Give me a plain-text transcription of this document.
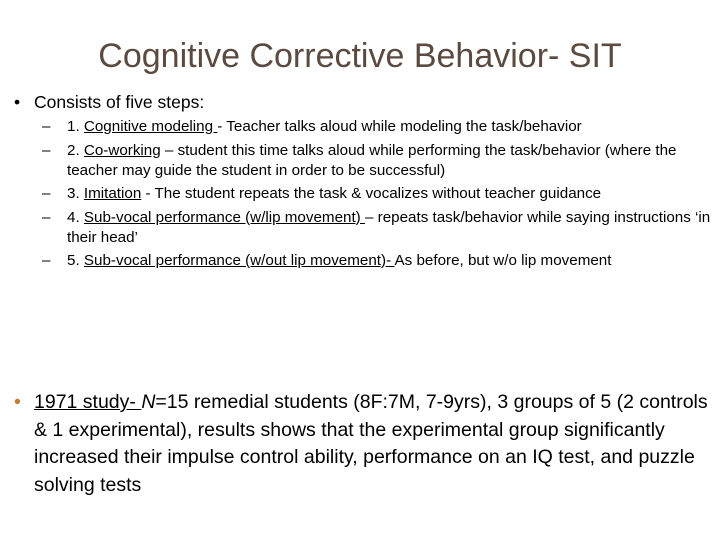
Cognitive Corrective Behavior- SIT
• Consists of five steps:
– 1. Cognitive modeling - Teacher talks aloud while modeling the task/behavior
– 2. Co-working – student this time talks aloud while performing the task/behavior (where the teacher may guide the student in order to be successful)
– 3. Imitation - The student repeats the task & vocalizes without teacher guidance
– 4. Sub-vocal performance (w/lip movement) – repeats task/behavior while saying instructions ‘in their head’
– 5. Sub-vocal performance (w/out lip movement)- As before, but w/o lip movement
• 1971 study- N=15 remedial students (8F:7M, 7-9yrs), 3 groups of 5 (2 controls & 1 experimental), results shows that the experimental group significantly increased their impulse control ability, performance on an IQ test, and puzzle solving tests
